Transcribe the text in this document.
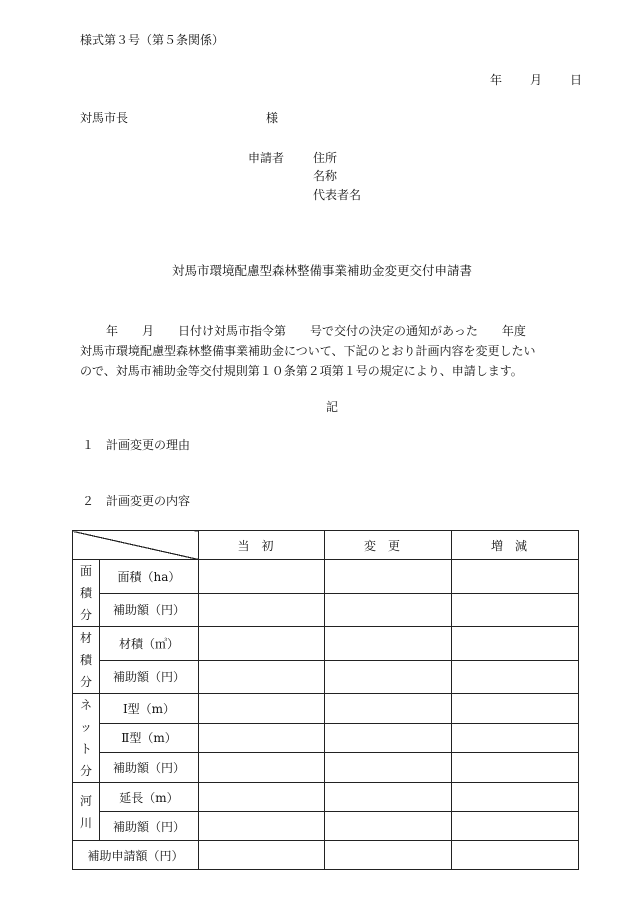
様式第３号（第５条関係）
年 月 日
対馬市長	様
申請者 住所
名称
代表者名
対馬市環境配慮型森林整備事業補助金変更交付申請書
年　　月　　日付け対馬市指令第　　号で交付の決定の通知があった　　年度
対馬市環境配慮型森林整備事業補助金について、下記のとおり計画内容を変更したい
ので、対馬市補助金等交付規則第１０条第２項第１号の規定により、申請します。
記
１ 計画変更の理由
２ 計画変更の内容
		当初	変更	増減

面
積
分	面積（ha）			
	補助額（円）			

材
積
分	材積（㎥）			
	補助額（円）			

ネ
ッ
ト
分	Ⅰ型（m）			
	Ⅱ型（m）			
	補助額（円）			

河
川	延長（m）			
	補助額（円）			
補助申請額（円）				
